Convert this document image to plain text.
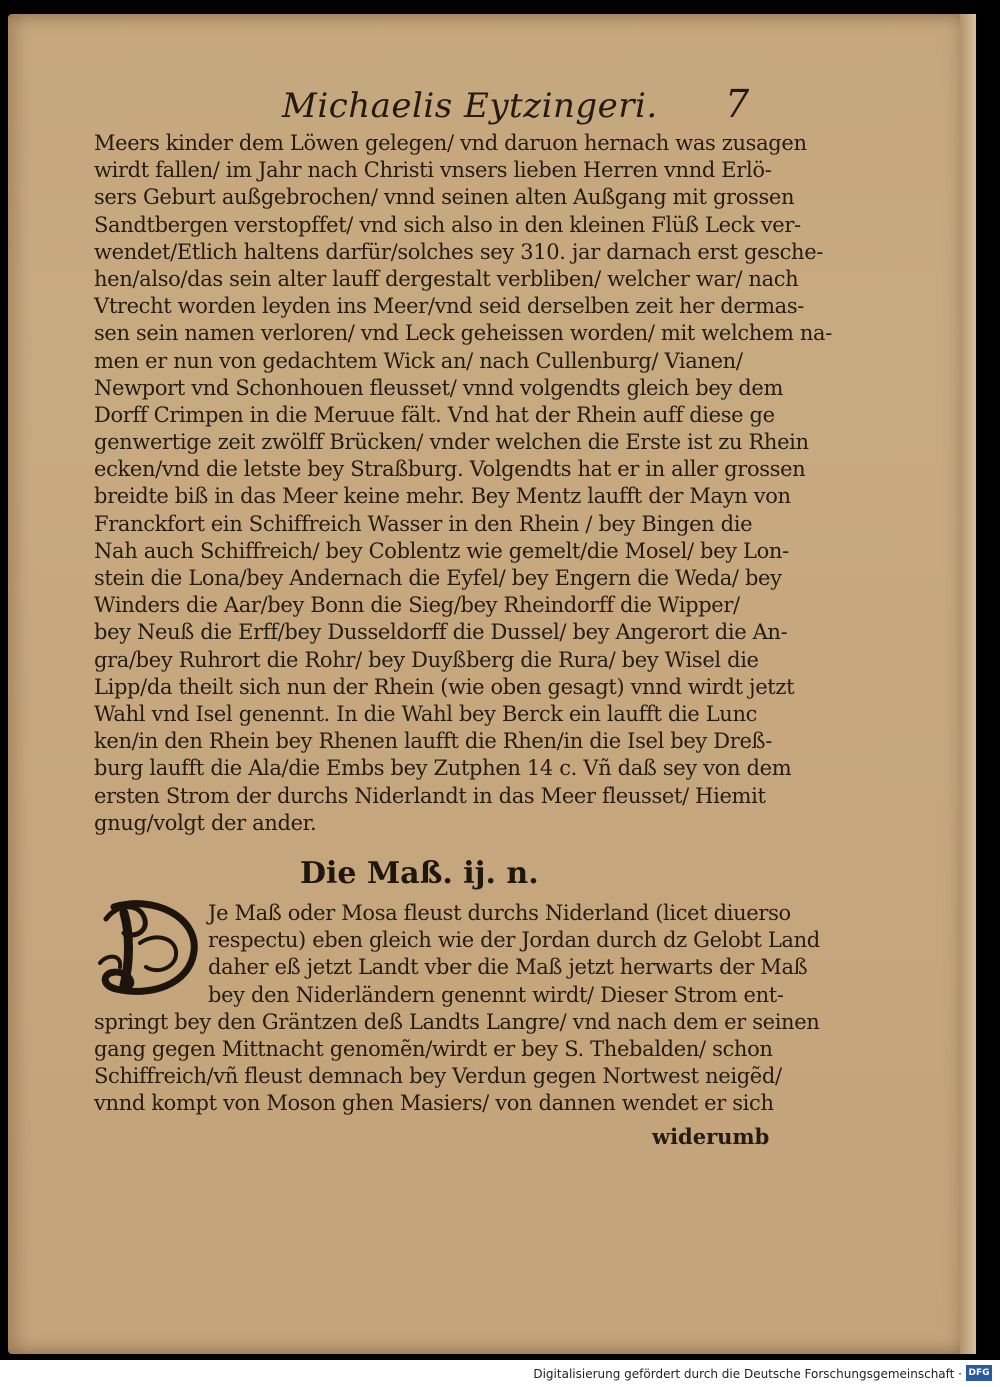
Michaelis Eytzingeri. 7
Meers kinder dem Löwen gelegen/ vnd daruon hernach was zusagen
wirdt fallen/ im Jahr nach Christi vnsers lieben Herren vnnd Erlö-
sers Geburt außgebrochen/ vnnd seinen alten Außgang mit grossen
Sandtbergen verstopffet/ vnd sich also in den kleinen Flüß Leck ver-
wendet/Etlich haltens darfür/solches sey 310. jar darnach erst gesche-
hen/also/das sein alter lauff dergestalt verbliben/ welcher war/ nach
Vtrecht worden leyden ins Meer/vnd seid derselben zeit her dermas-
sen sein namen verloren/ vnd Leck geheissen worden/ mit welchem na-
men er nun von gedachtem Wick an/ nach Cullenburg/ Vianen/
Newport vnd Schonhouen fleusset/ vnnd volgendts gleich bey dem
Dorff Crimpen in die Meruue fält. Vnd hat der Rhein auff diese ge
genwertige zeit zwölff Brücken/ vnder welchen die Erste ist zu Rhein
ecken/vnd die letste bey Straßburg. Volgendts hat er in aller grossen
breidte biß in das Meer keine mehr. Bey Mentz laufft der Mayn von
Franckfort ein Schiffreich Wasser in den Rhein / bey Bingen die
Nah auch Schiffreich/ bey Coblentz wie gemelt/die Mosel/ bey Lon-
stein die Lona/bey Andernach die Eyfel/ bey Engern die Weda/ bey
Winders die Aar/bey Bonn die Sieg/bey Rheindorff die Wipper/
bey Neuß die Erff/bey Dusseldorff die Dussel/ bey Angerort die An-
gra/bey Ruhrort die Rohr/ bey Duyßberg die Rura/ bey Wisel die
Lipp/da theilt sich nun der Rhein (wie oben gesagt) vnnd wirdt jetzt
Wahl vnd Isel genennt. In die Wahl bey Berck ein laufft die Lunc
ken/in den Rhein bey Rhenen laufft die Rhen/in die Isel bey Dreß-
burg laufft die Ala/die Embs bey Zutphen 14 c. Vñ daß sey von dem
ersten Strom der durchs Niderlandt in das Meer fleusset/ Hiemit
gnug/volgt der ander.
Die Maß. ij. n.
Je Maß oder Mosa fleust durchs Niderland (licet diuerso
respectu) eben gleich wie der Jordan durch dz Gelobt Land
daher eß jetzt Landt vber die Maß jetzt herwarts der Maß
bey den Niderländern genennt wirdt/ Dieser Strom ent-
springt bey den Gräntzen deß Landts Langre/ vnd nach dem er seinen
gang gegen Mittnacht genomẽn/wirdt er bey S. Thebalden/ schon
Schiffreich/vñ fleust demnach bey Verdun gegen Nortwest neigẽd/
vnnd kompt von Moson ghen Masiers/ von dannen wendet er sich
widerumb
Digitalisierung gefördert durch die Deutsche Forschungsgemeinschaft · DFG
